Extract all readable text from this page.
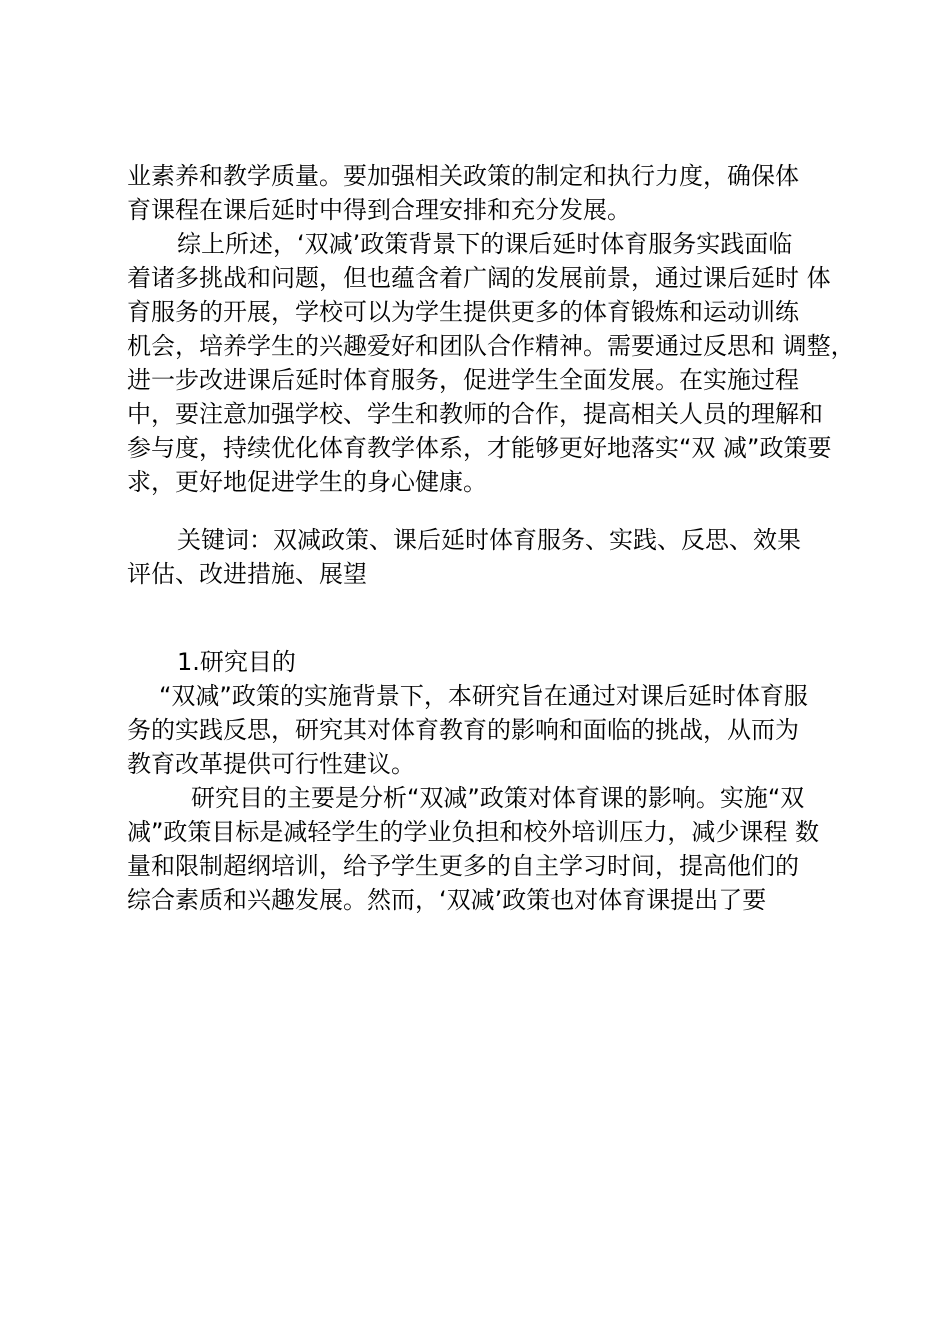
业素养和教学质量。要加强相关政策的制定和执行力度，确保体
育课程在课后延时中得到合理安排和充分发展。
综上所述，‘双减’政策背景下的课后延时体育服务实践面临
着诸多挑战和问题，但也蕴含着广阔的发展前景，通过课后延时 体
育服务的开展，学校可以为学生提供更多的体育锻炼和运动训练
机会，培养学生的兴趣爱好和团队合作精神。需要通过反思和 调整，
进一步改进课后延时体育服务，促进学生全面发展。在实施过程
中，要注意加强学校、学生和教师的合作，提高相关人员的理解和
参与度，持续优化体育教学体系，才能够更好地落实“双 减”政策要
求，更好地促进学生的身心健康。
关键词：双减政策、课后延时体育服务、实践、反思、效果
评估、改进措施、展望
1.研究目的
“双减”政策的实施背景下，本研究旨在通过对课后延时体育服
务的实践反思，研究其对体育教育的影响和面临的挑战，从而为
教育改革提供可行性建议。
研究目的主要是分析“双减”政策对体育课的影响。实施“双
减”政策目标是减轻学生的学业负担和校外培训压力，减少课程 数
量和限制超纲培训，给予学生更多的自主学习时间，提高他们的
综合素质和兴趣发展。然而，‘双减’政策也对体育课提出了要
